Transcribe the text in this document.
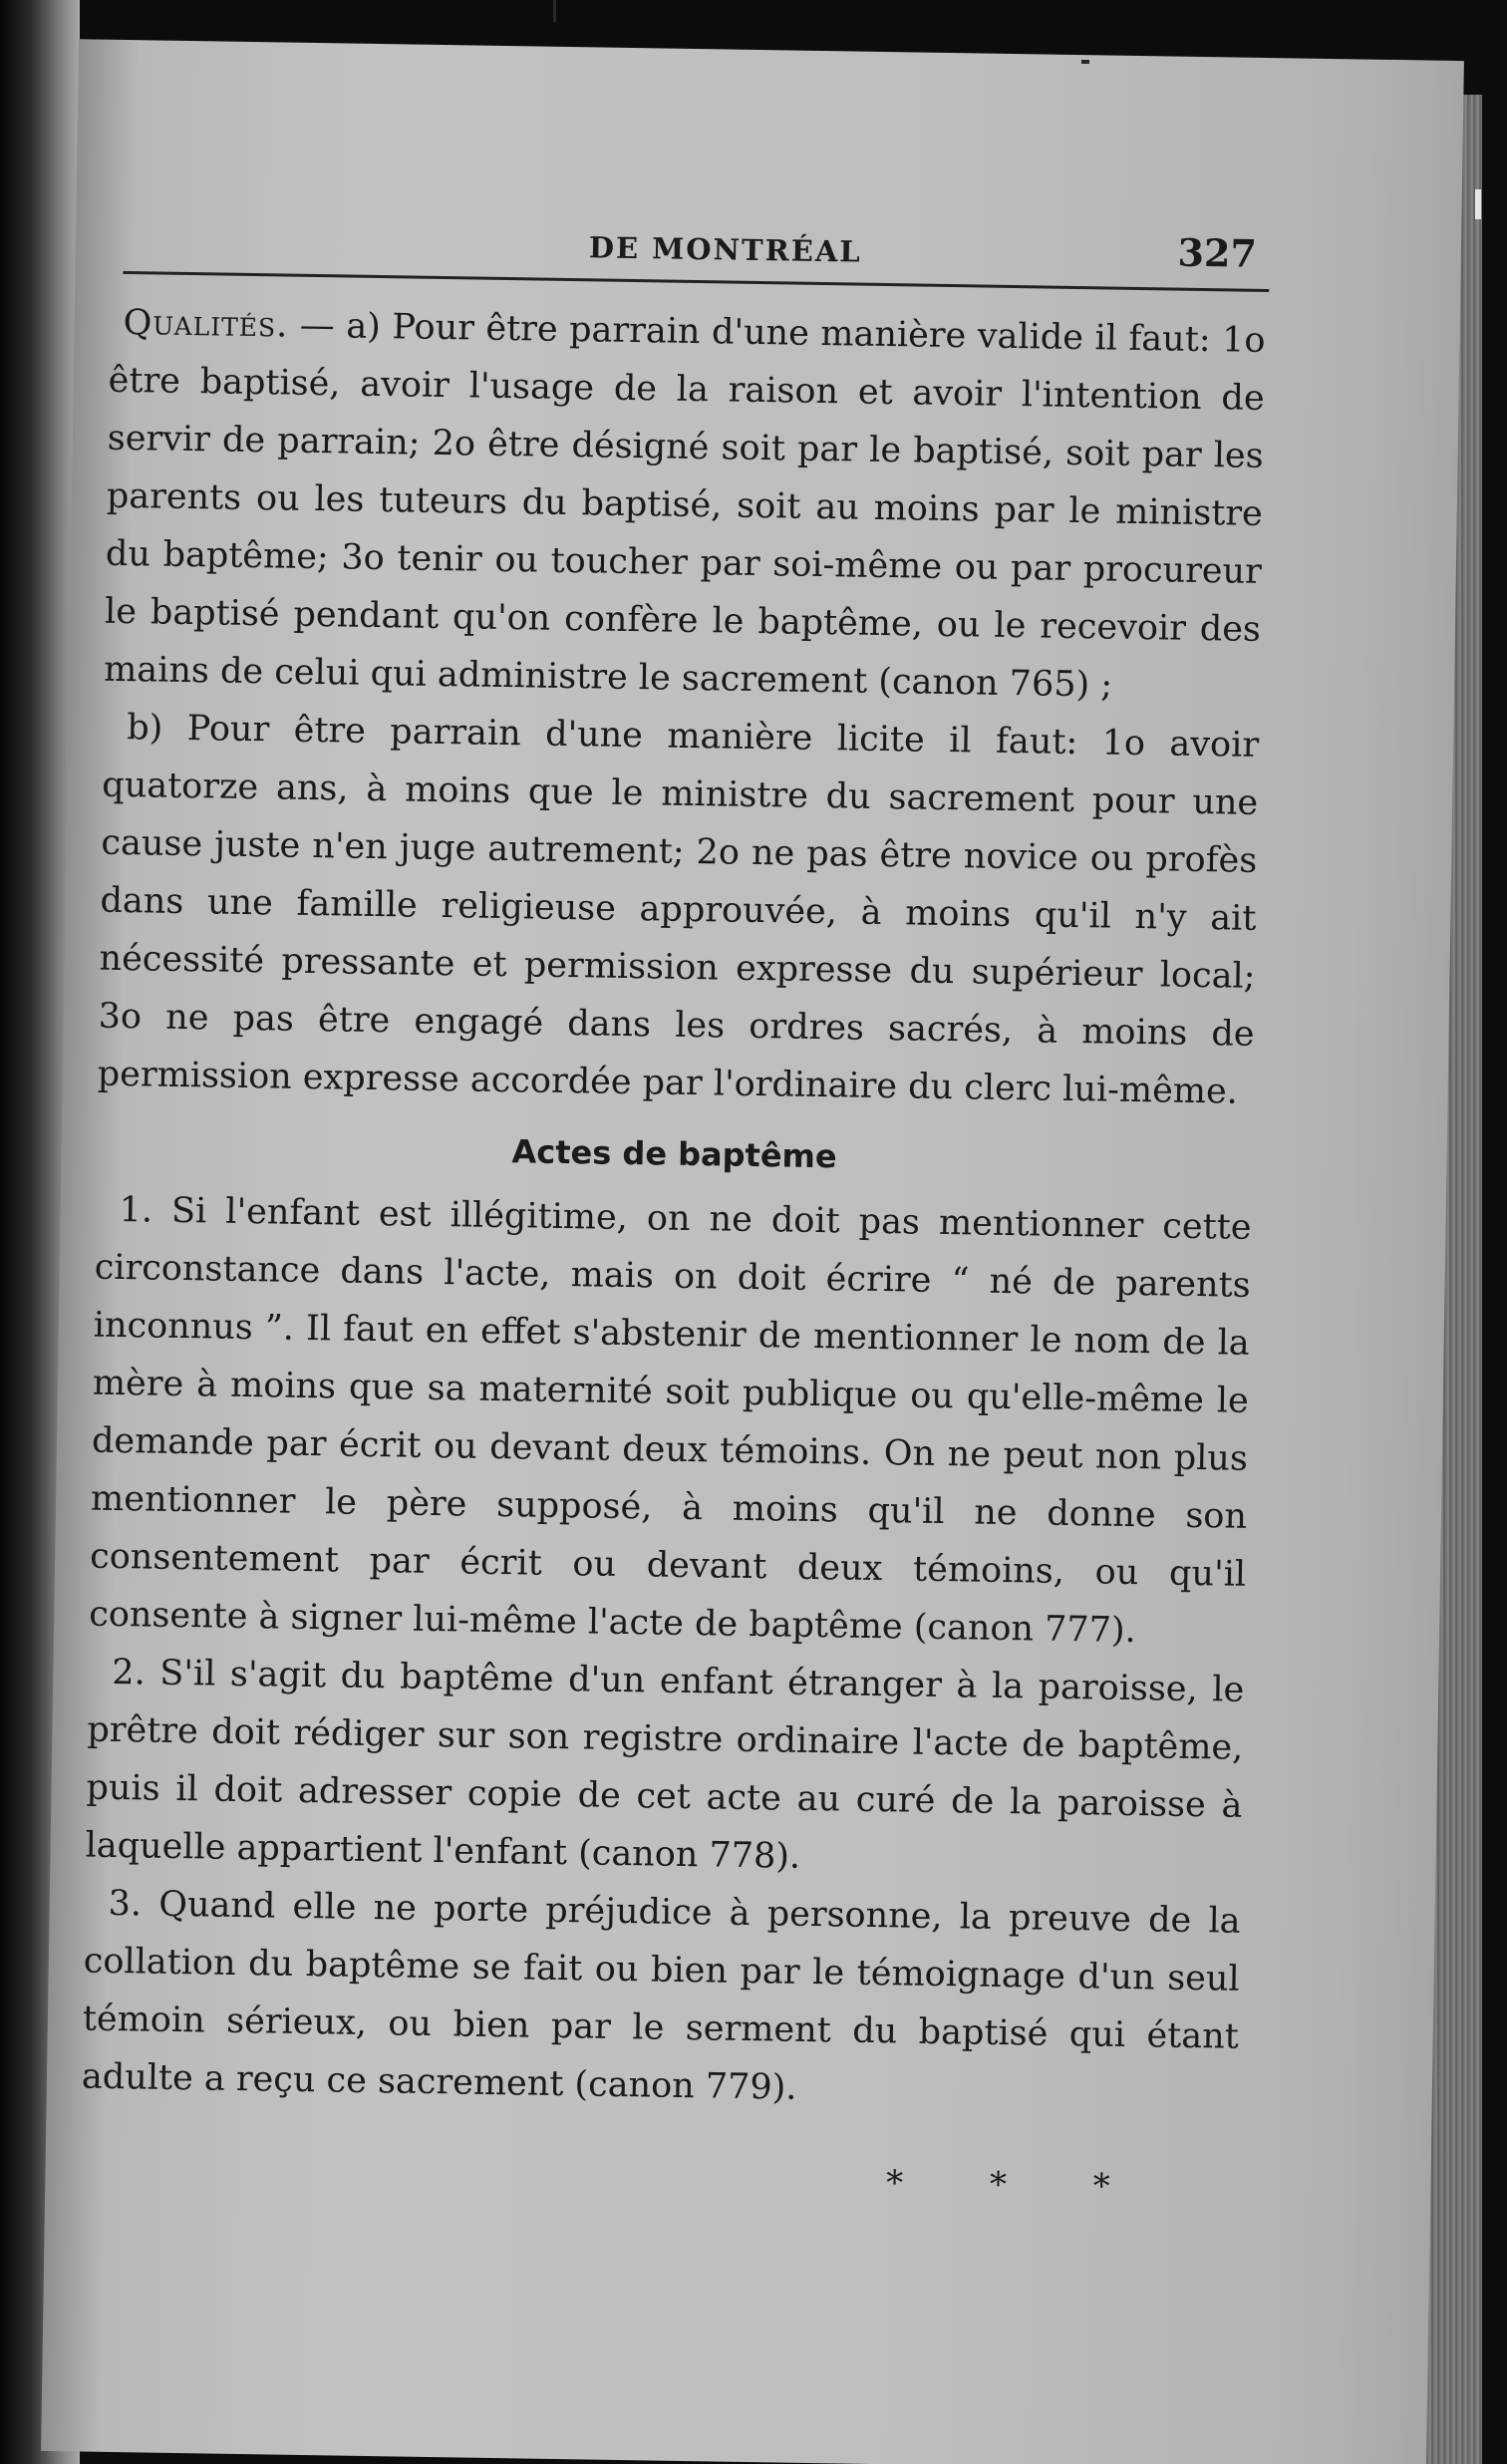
DE MONTRÉAL	327

Qualités. — a) Pour être parrain d'une manière valide il faut: 1o être baptisé, avoir l'usage de la raison et avoir l'intention de servir de parrain; 2o être désigné soit par le baptisé, soit par les parents ou les tuteurs du baptisé, soit au moins par le ministre du baptême; 3o tenir ou toucher par soi-même ou par procureur le baptisé pendant qu'on confère le baptême, ou le recevoir des mains de celui qui administre le sacrement (canon 765) ;

b) Pour être parrain d'une manière licite il faut: 1o avoir quatorze ans, à moins que le ministre du sacrement pour une cause juste n'en juge autrement; 2o ne pas être novice ou profès dans une famille religieuse approuvée, à moins qu'il n'y ait nécessité pressante et permission expresse du supérieur local; 3o ne pas être engagé dans les ordres sacrés, à moins de permission expresse accordée par l'ordinaire du clerc lui-même.

Actes de baptême

1. Si l'enfant est illégitime, on ne doit pas mentionner cette circonstance dans l'acte, mais on doit écrire “ né de parents inconnus ”. Il faut en effet s'abstenir de mentionner le nom de la mère à moins que sa maternité soit publique ou qu'elle-même le demande par écrit ou devant deux témoins. On ne peut non plus mentionner le père supposé, à moins qu'il ne donne son consentement par écrit ou devant deux témoins, ou qu'il consente à signer lui-même l'acte de baptême (canon 777).

2. S'il s'agit du baptême d'un enfant étranger à la paroisse, le prêtre doit rédiger sur son registre ordinaire l'acte de baptême, puis il doit adresser copie de cet acte au curé de la paroisse à laquelle appartient l'enfant (canon 778).

3. Quand elle ne porte préjudice à personne, la preuve de la collation du baptême se fait ou bien par le témoignage d'un seul témoin sérieux, ou bien par le serment du baptisé qui étant adulte a reçu ce sacrement (canon 779).

* * *
